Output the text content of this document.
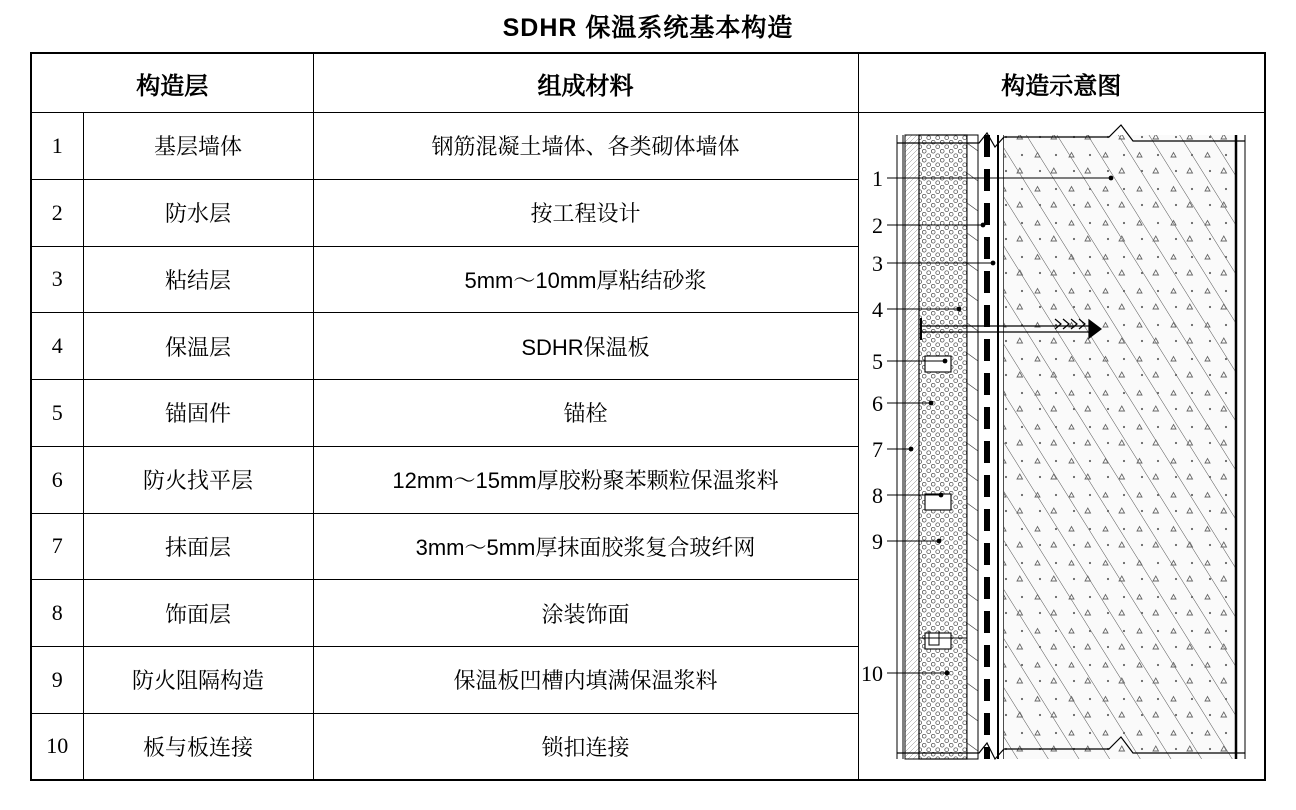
SDHR 保温系统基本构造
构造层		组成材料	构造示意图
1	基层墙体	钢筋混凝土墙体、各类砌体墙体	
1
2
3
4
5
6
7
8
9
10

2	防水层	按工程设计	
3	粘结层	5mm～10mm厚粘结砂浆	
4	保温层	SDHR保温板	
5	锚固件	锚栓	
6	防火找平层	12mm～15mm厚胶粉聚苯颗粒保温浆料	
7	抹面层	3mm～5mm厚抹面胶浆复合玻纤网	
8	饰面层	涂装饰面	
9	防火阻隔构造	保温板凹槽内填满保温浆料	
10	板与板连接	锁扣连接	
